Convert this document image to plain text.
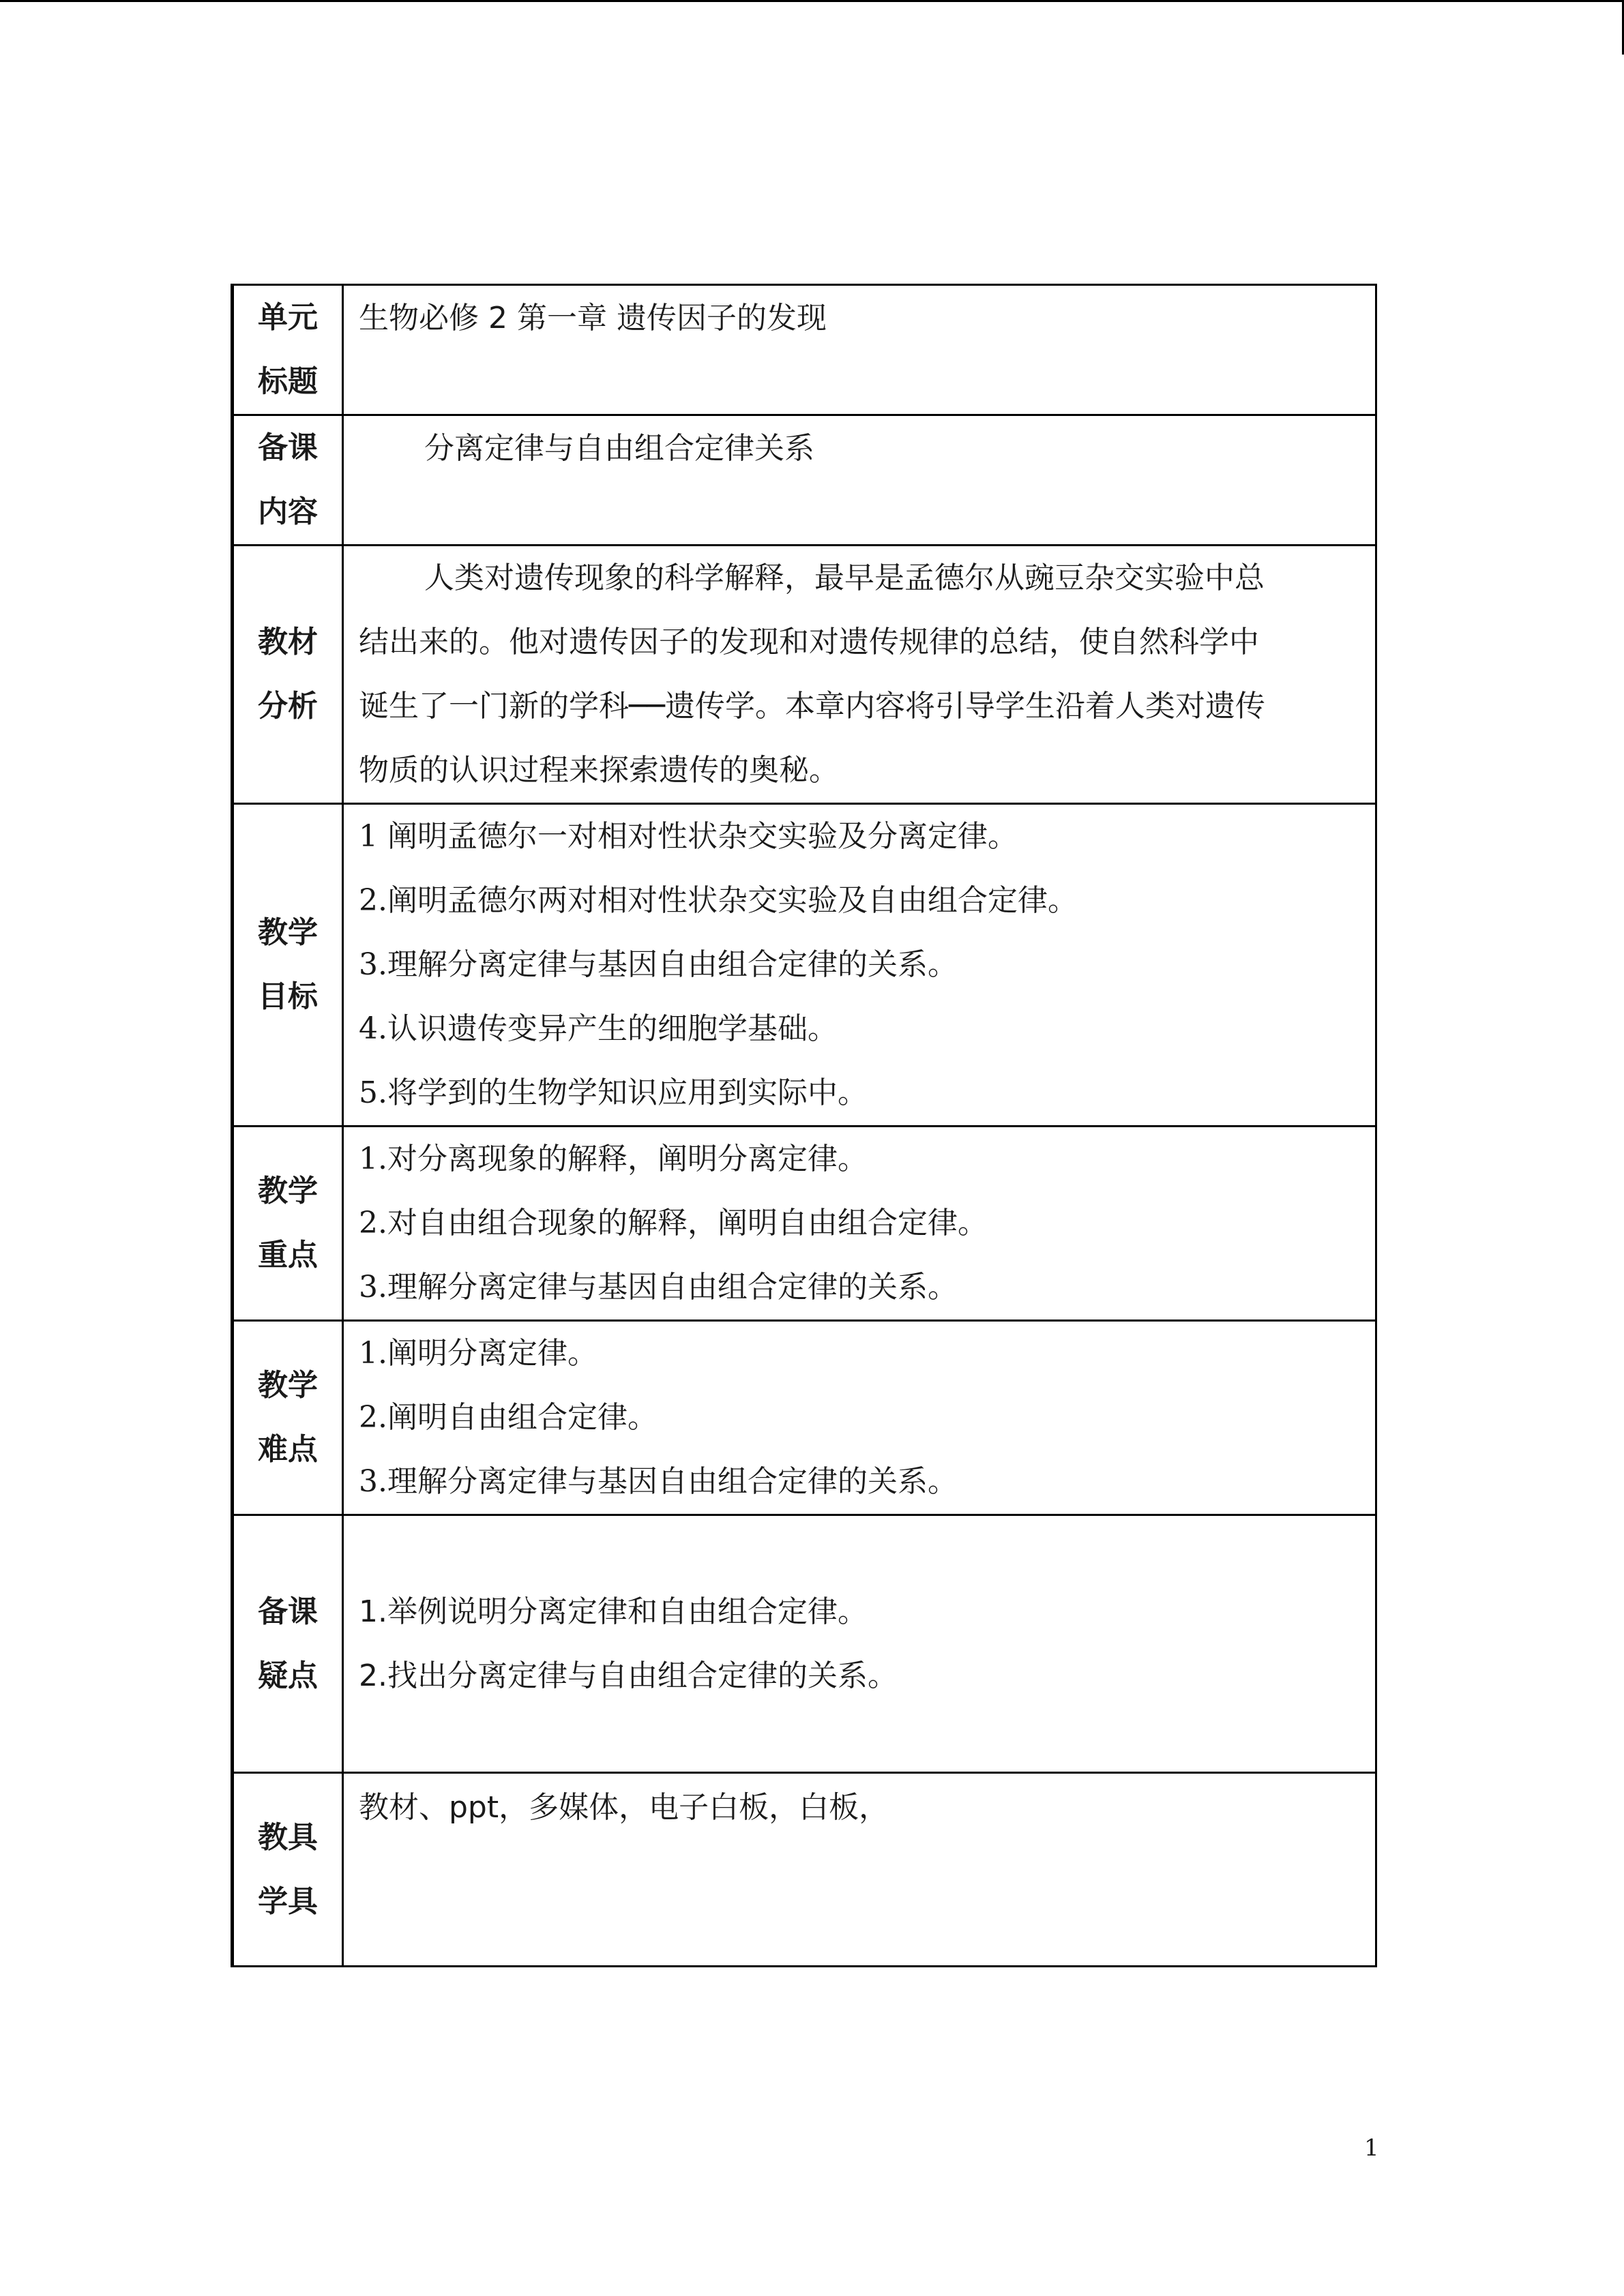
单元
标题	生物必修 2 第一章 遗传因子的发现

备课
内容	分离定律与自由组合定律关系

教材
分析	人类对遗传现象的科学解释，最早是孟德尔从豌豆杂交实验中总
结出来的。他对遗传因子的发现和对遗传规律的总结，使自然科学中
诞生了一门新的学科──遗传学。本章内容将引导学生沿着人类对遗传
物质的认识过程来探索遗传的奥秘。

教学
目标	1 阐明孟德尔一对相对性状杂交实验及分离定律。
2.阐明孟德尔两对相对性状杂交实验及自由组合定律。
3.理解分离定律与基因自由组合定律的关系。
4.认识遗传变异产生的细胞学基础。
5.将学到的生物学知识应用到实际中。

教学
重点	1.对分离现象的解释，阐明分离定律。
2.对自由组合现象的解释，阐明自由组合定律。
3.理解分离定律与基因自由组合定律的关系。

教学
难点	1.阐明分离定律。
2.阐明自由组合定律。
3.理解分离定律与基因自由组合定律的关系。

备课
疑点	1.举例说明分离定律和自由组合定律。
2.找出分离定律与自由组合定律的关系。

教具
学具	教材、ppt，多媒体，电子白板，白板，
1
